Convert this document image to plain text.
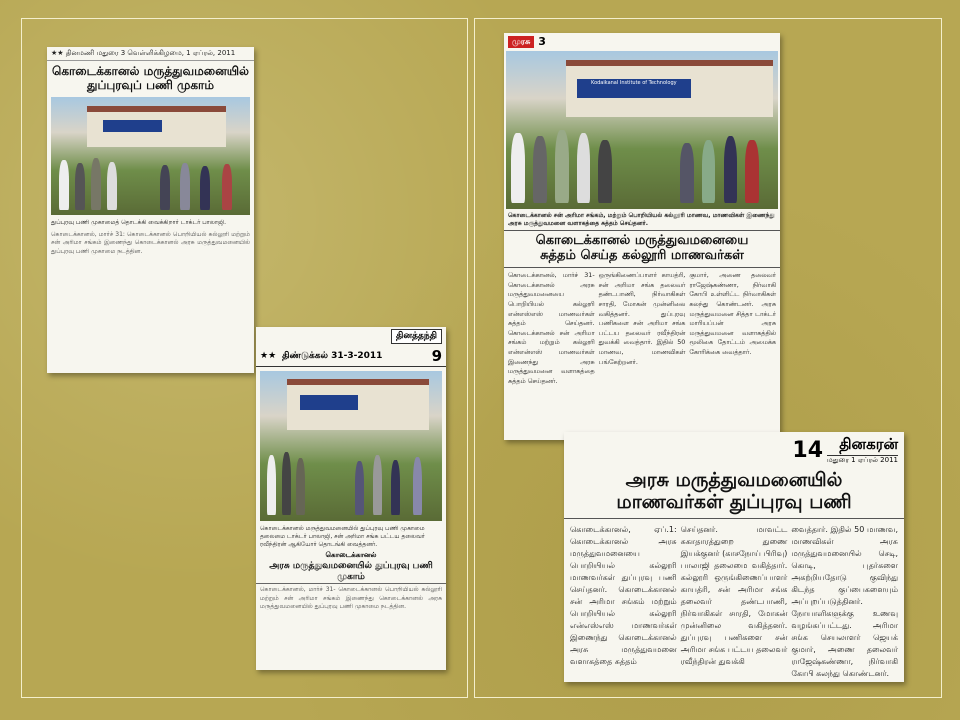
★★ தினமணி மதுரை 3 வெள்ளிக்கிழமை, 1 ஏப்ரல், 2011
கொடைக்கானல் மருத்துவமனையில்
துப்புரவுப் பணி முகாம்
துப்புரவு பணி முகாமைத் தொடக்கி வைக்கிறார் டாக்டர் பாலாஜி.
கொடைக்கானல், மார்ச் 31: கொடைக்கானல் பொறியியல் கல்லூரி மற்றும் சன் அரிமா சங்கம் இணைந்து கொடைக்கானல் அரசு மருத்துவமனையில் துப்புரவு பணி முகாமை நடத்தின.
தினத்தந்தி
★★ திண்டுக்கல் 31-3-2011	9
கொடைக்கானல் மருத்துவமனையில் துப்புரவு பணி முகாமை தலைமை டாக்டர் பாலாஜி, சன் அரிமா சங்க பட்டய தலைவர் ரவீந்திரன் ஆகியோர் தொடங்கி வைத்தனர்.
கொடைக்கானல்
அரசு மருத்துவமனையில் துப்புரவு பணி முகாம்
கொடைக்கானல், மார்ச் 31- கொடைக்கானல் பொறியியல் கல்லூரி மற்றும் சன் அரிமா சங்கம் இணைந்து கொடைக்கானல் அரசு மருத்துவமனையில் துப்புரவு பணி முகாமை நடத்தின.
முரசு 3
Kodaikanal Institute of Technology
கொடைக்கானல் சன் அரிமா சங்கம், மற்றும் பொறியியல் கல்லூரி மாணவ, மாணவிகள் இணைந்து அரசு மருத்துவமனை வளாகத்தை சுத்தம் செய்தனர்.
கொடைக்கானல் மருத்துவமனையை
சுத்தம் செய்த கல்லூரி மாணவர்கள்
கொடைக்கானல், மார்ச் 31- கொடைக்கானல் அரசு மருத்துவமனையை பொறியியல் கல்லூரி என்எஸ்எஸ் மாணவர்கள் சுத்தம் செய்தனர். கொடைக்கானல் சன் அரிமா சங்கம் மற்றும் கல்லூரி என்என்எஸ் மாணவர்கள் இணைந்து அரசு மருத்துவமனை வளாகத்தை சுத்தம் செய்தனர்.
ஒருங்கிணைப்பாளர் காயத்ரி, சன் அரிமா சங்க தலைவர் தண்டபாணி, நிர்வாகிகள் சாரதி, மோகன் முன்னிலை வகித்தனர். துப்புரவு பணிகளை சன் அரிமா சங்க பட்டய தலைவர் ரவீந்திரன் துவக்கி வைத்தார். இதில் 50 மாணவ, மாணவிகள் பங்கேற்றனர்.
குமார், அணை தலைவர் ராஜேஷ்கண்ணா, நிர்வாகி கோபி உள்ளிட்ட நிர்வாகிகள் கலந்து கொண்டனர். அரசு மருத்துவமனை சித்தா டாக்டர் மாரியப்பன் அரசு மருத்துவமனை வளாகத்தில் மூலிகை தோட்டம் அமைக்க கோரிக்கை வைத்தார்.
14	தினகரன்
மதுரை 1 ஏப்ரல் 2011
அரசு மருத்துவமனையில்
மாணவர்கள் துப்புரவு பணி
கொடைக்கானல், ஏப்.1: கொடைக்கானல் அரசு மருத்துவமனையை பொறியியல் கல்லூரி மாணவர்கள் துப்புரவு பணி செய்தனர். கொடைக்கானல் சன் அரிமா சங்கம் மற்றும் பொறியியல் கல்லூரி என்எஸ்எஸ் மாணவர்கள் இணைந்து கொடைக்கானல் அரசு மருத்துவமனை வளாகத்தை சுத்தம்
செய்தனர். மாவட்ட சுகாதாரத்துறை துணை இயக்குனர் (காசநோய் பிரிவு) பாலாஜி தலைமை வகித்தார். கல்லூரி ஒருங்கிணைப்பாளர் காயத்ரி, சன் அரிமா சங்க தலைவர் தண்டபாணி, நிர்வாகிகள் சாரதி, மோகன் முன்னிலை வகித்தனர். துப்புரவு பணிகளை சன் அரிமா சங்க பட்டய தலைவர் ரவீந்திரன் துவக்கி
வைத்தார். இதில் 50 மாணவ, மாணவிகள் அரசு மருத்துவமனையில் செடி, கொடி, புதர்களை அகற்றியதோடு குவிந்து கிடந்த குப்பைகளையும் அப்புறப்படுத்தினர். நோயாளிகளுக்கு உணவு வழங்கப்பட்டது. அரிமா சங்க செயலாளர் ஜெயக் குமார், அணை தலைவர் ராஜேஷ்கண்ணா, நிர்வாகி கோபி கலந்து கொண்டனர்.
